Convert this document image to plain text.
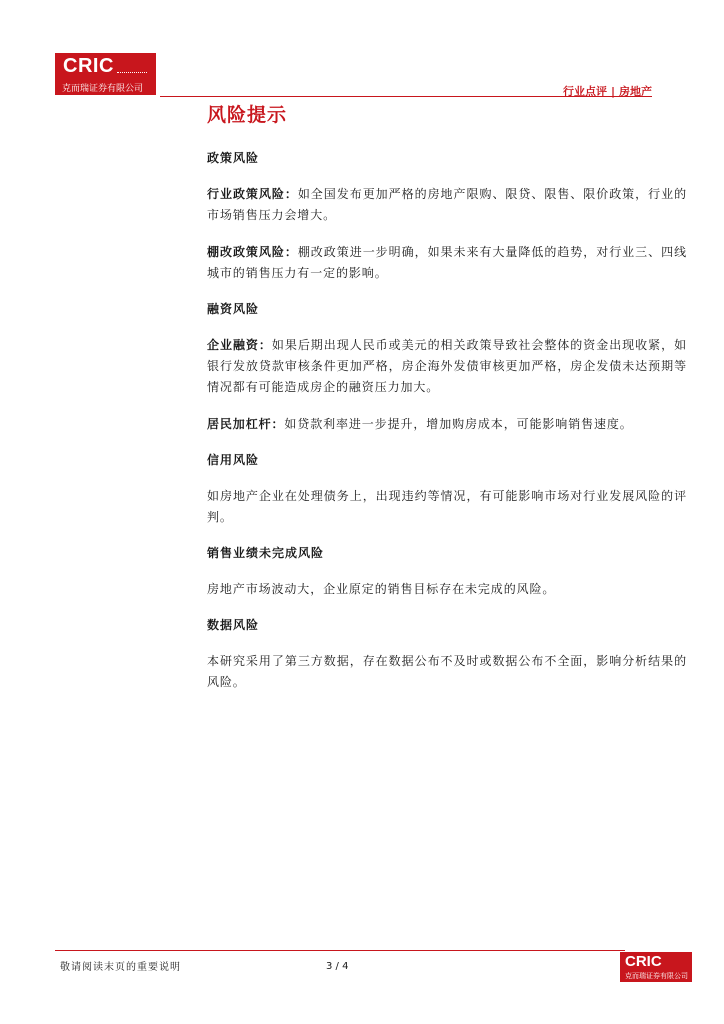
CRIC
克而瑞证券有限公司	行业点评 | 房地产
风险提示
政策风险

行业政策风险：如全国发布更加严格的房地产限购、限贷、限售、限价政策，行业的市场销售压力会增大。

棚改政策风险：棚改政策进一步明确，如果未来有大量降低的趋势，对行业三、四线城市的销售压力有一定的影响。

融资风险

企业融资：如果后期出现人民币或美元的相关政策导致社会整体的资金出现收紧，如银行发放贷款审核条件更加严格，房企海外发债审核更加严格，房企发债未达预期等情况都有可能造成房企的融资压力加大。

居民加杠杆：如贷款利率进一步提升，增加购房成本，可能影响销售速度。

信用风险

如房地产企业在处理债务上，出现违约等情况，有可能影响市场对行业发展风险的评判。

销售业绩未完成风险

房地产市场波动大，企业原定的销售目标存在未完成的风险。

数据风险

本研究采用了第三方数据，存在数据公布不及时或数据公布不全面，影响分析结果的风险。

敬请阅读末页的重要说明	3 / 4	CRIC
克而瑞证券有限公司
